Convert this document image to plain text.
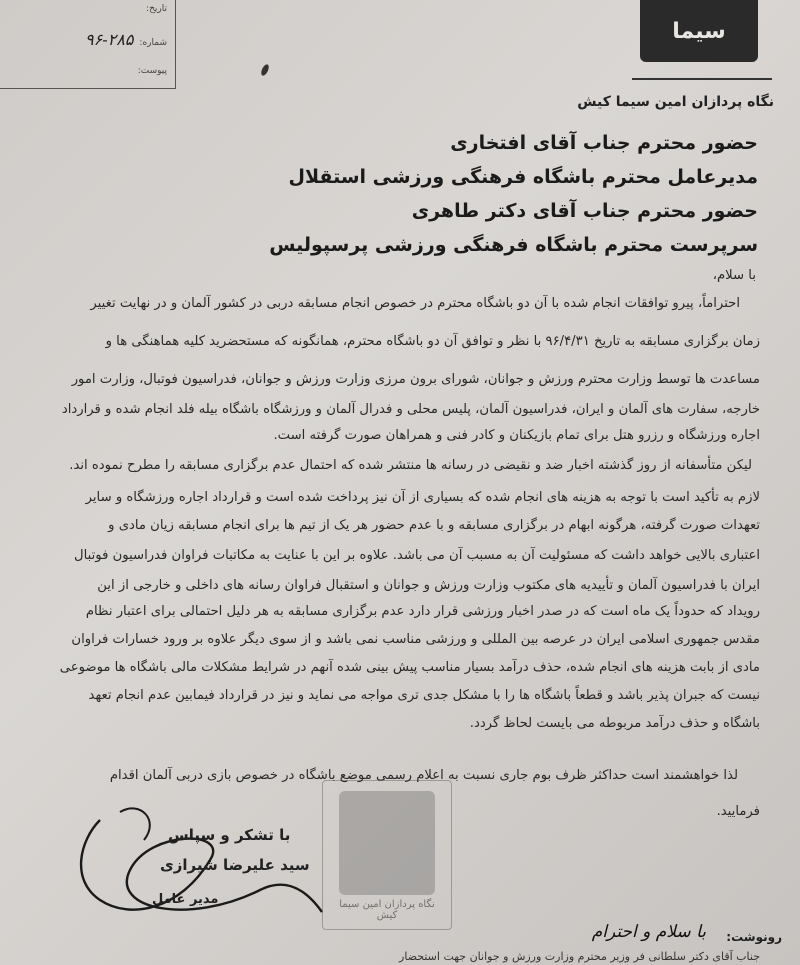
تاریخ:
شماره:
۹۶-۲۸۵
پیوست:
سیما
نگاه پردازان امین سیما کیش
حضور محترم جناب آقای افتخاری
مدیرعامل محترم باشگاه فرهنگی ورزشی استقلال
حضور محترم جناب آقای دکتر طاهری
سرپرست محترم باشگاه فرهنگی ورزشی پرسپولیس
با سلام،
احتراماً، پیرو توافقات انجام شده با آن دو باشگاه محترم در خصوص انجام مسابقه دربی در کشور آلمان و در نهایت تغییر
زمان برگزاری مسابقه به تاریخ ۹۶/۴/۳۱ با نظر و توافق آن دو باشگاه محترم، همانگونه که مستحضرید کلیه هماهنگی ها و
مساعدت ها توسط وزارت محترم ورزش و جوانان، شورای برون مرزی وزارت ورزش و جوانان، فدراسیون فوتبال، وزارت امور
خارجه، سفارت های آلمان و ایران، فدراسیون آلمان، پلیس محلی و فدرال آلمان و ورزشگاه باشگاه بیله فلد انجام شده و قرارداد
اجاره ورزشگاه و رزرو هتل برای تمام بازیکنان و کادر فنی و همراهان صورت گرفته است.
لیکن متأسفانه از روز گذشته اخبار ضد و نقیضی در رسانه ها منتشر شده که احتمال عدم برگزاری مسابقه را مطرح نموده اند.
لازم به تأکید است با توجه به هزینه های انجام شده که بسیاری از آن نیز پرداخت شده است و قرارداد اجاره ورزشگاه و سایر
تعهدات صورت گرفته، هرگونه ابهام در برگزاری مسابقه و با عدم حضور هر یک از تیم ها برای انجام مسابقه زیان مادی و
اعتباری بالایی خواهد داشت که مسئولیت آن به مسبب آن می باشد. علاوه بر این با عنایت به مکاتبات فراوان فدراسیون فوتبال
ایران با فدراسیون آلمان و تأییدیه های مکتوب وزارت ورزش و جوانان و استقبال فراوان رسانه های داخلی و خارجی از این
رویداد که حدوداً یک ماه است که در صدر اخبار ورزشی قرار دارد عدم برگزاری مسابقه به هر دلیل احتمالی برای اعتبار نظام
مقدس جمهوری اسلامی ایران در عرصه بین المللی و ورزشی مناسب نمی باشد و از سوی دیگر علاوه بر ورود خسارات فراوان
مادی از بابت هزینه های انجام شده، حذف درآمد بسیار مناسب پیش بینی شده آنهم در شرایط مشکلات مالی باشگاه ها موضوعی
نیست که جبران پذیر باشد و قطعاً باشگاه ها را با مشکل جدی تری مواجه می نماید و نیز در قرارداد فیمابین عدم انجام تعهد
باشگاه و حذف درآمد مربوطه می بایست لحاظ گردد.
لذا خواهشمند است حداکثر ظرف بوم جاری نسبت به اعلام رسمی موضع باشگاه در خصوص بازی دربی آلمان اقدام
فرمایید.
با تشکر و سپاس
سید علیرضا شیرازی
مدیر عامل	نگاه پردازان امین سیما کیش
رونوشت:
با سلام و احترام
جناب آقای دکتر سلطانی فر وزیر محترم وزارت ورزش و جوانان جهت استحضار
